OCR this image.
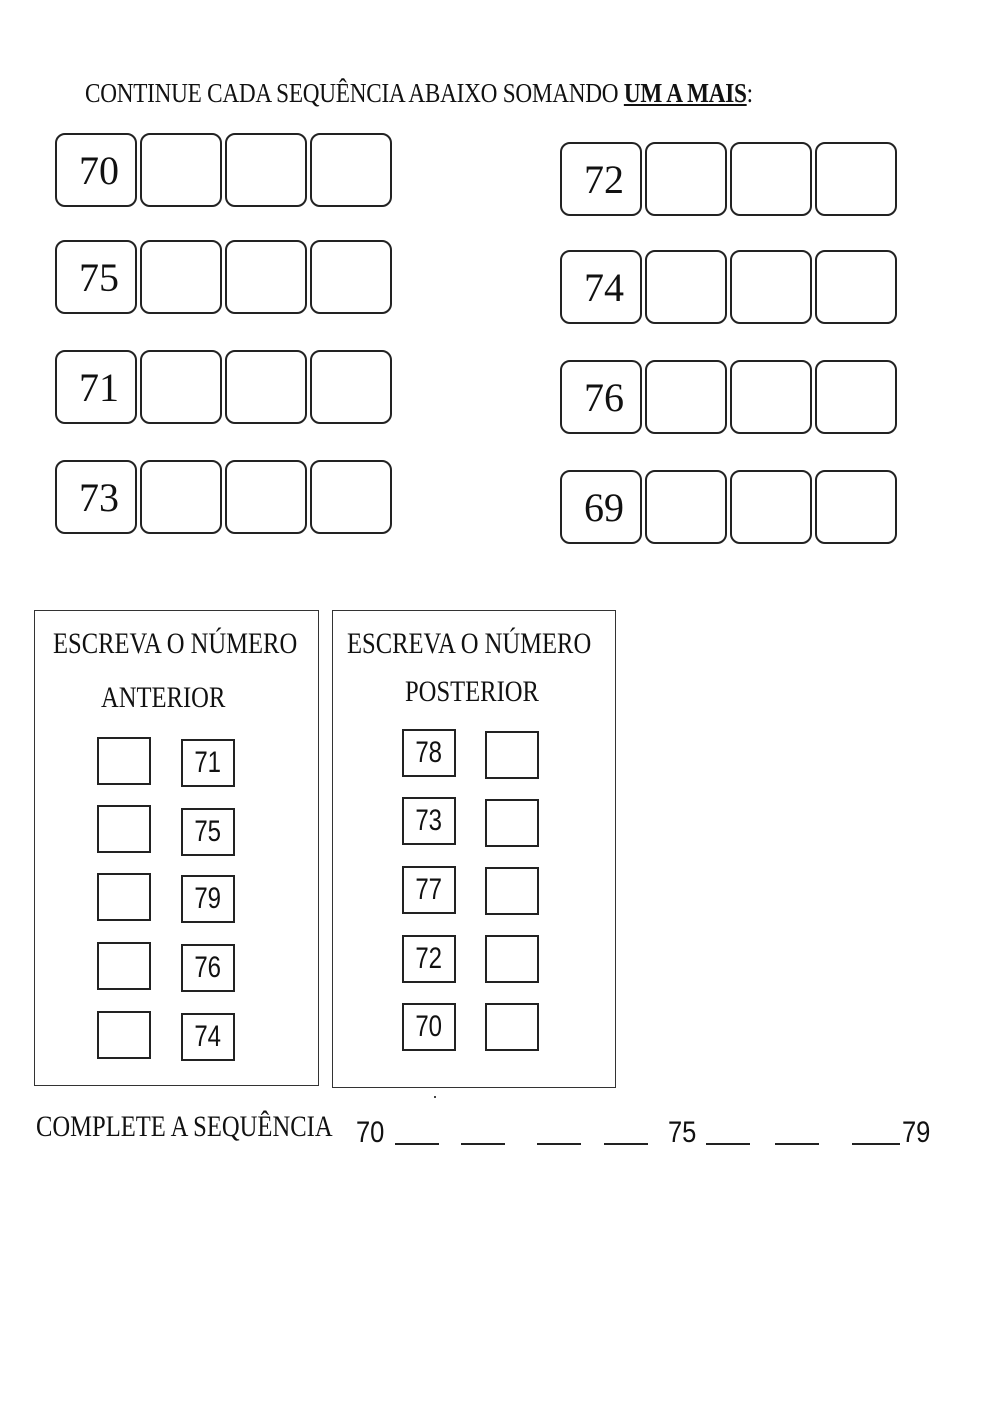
CONTINUE CADA SEQUÊNCIA ABAIXO SOMANDO UM A MAIS:
70
75
71
73
72
74
76
69
ESCREVA O NÚMERO
ANTERIOR
71
75
79
76
74
ESCREVA O NÚMERO
POSTERIOR
78
73
77
72
70
COMPLETE A SEQUÊNCIA 70	75	79
